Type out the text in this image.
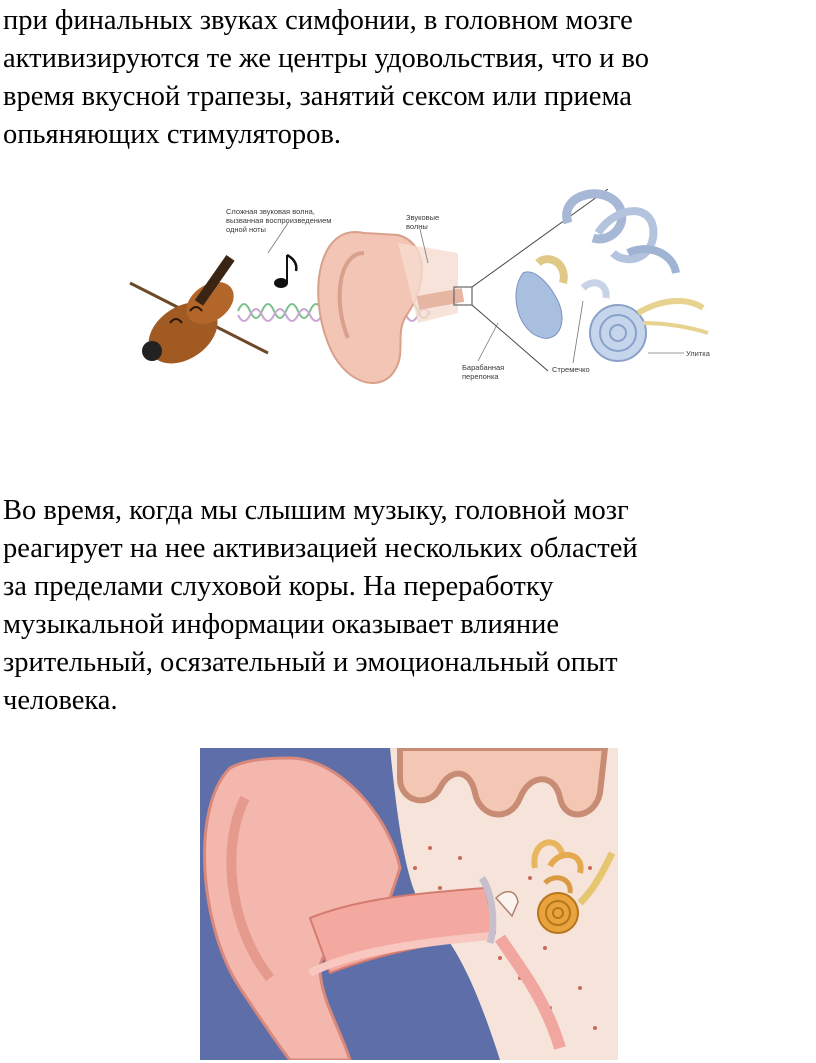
при финальных звуках симфонии, в головном мозге
активизируются те же центры удовольствия, что и во
время вкусной трапезы, занятий сексом или приема
опьяняющих стимуляторов.
Сложная звуковая волна,
вызванная воспроизведением
одной ноты
Звуковые
волны
Барабанная
перепонка
Стремечко
Улитка
Во время, когда мы слышим музыку, головной мозг
реагирует на нее активизацией нескольких областей
за пределами слуховой коры. На переработку
музыкальной информации оказывает влияние
зрительный, осязательный и эмоциональный опыт
человека.
